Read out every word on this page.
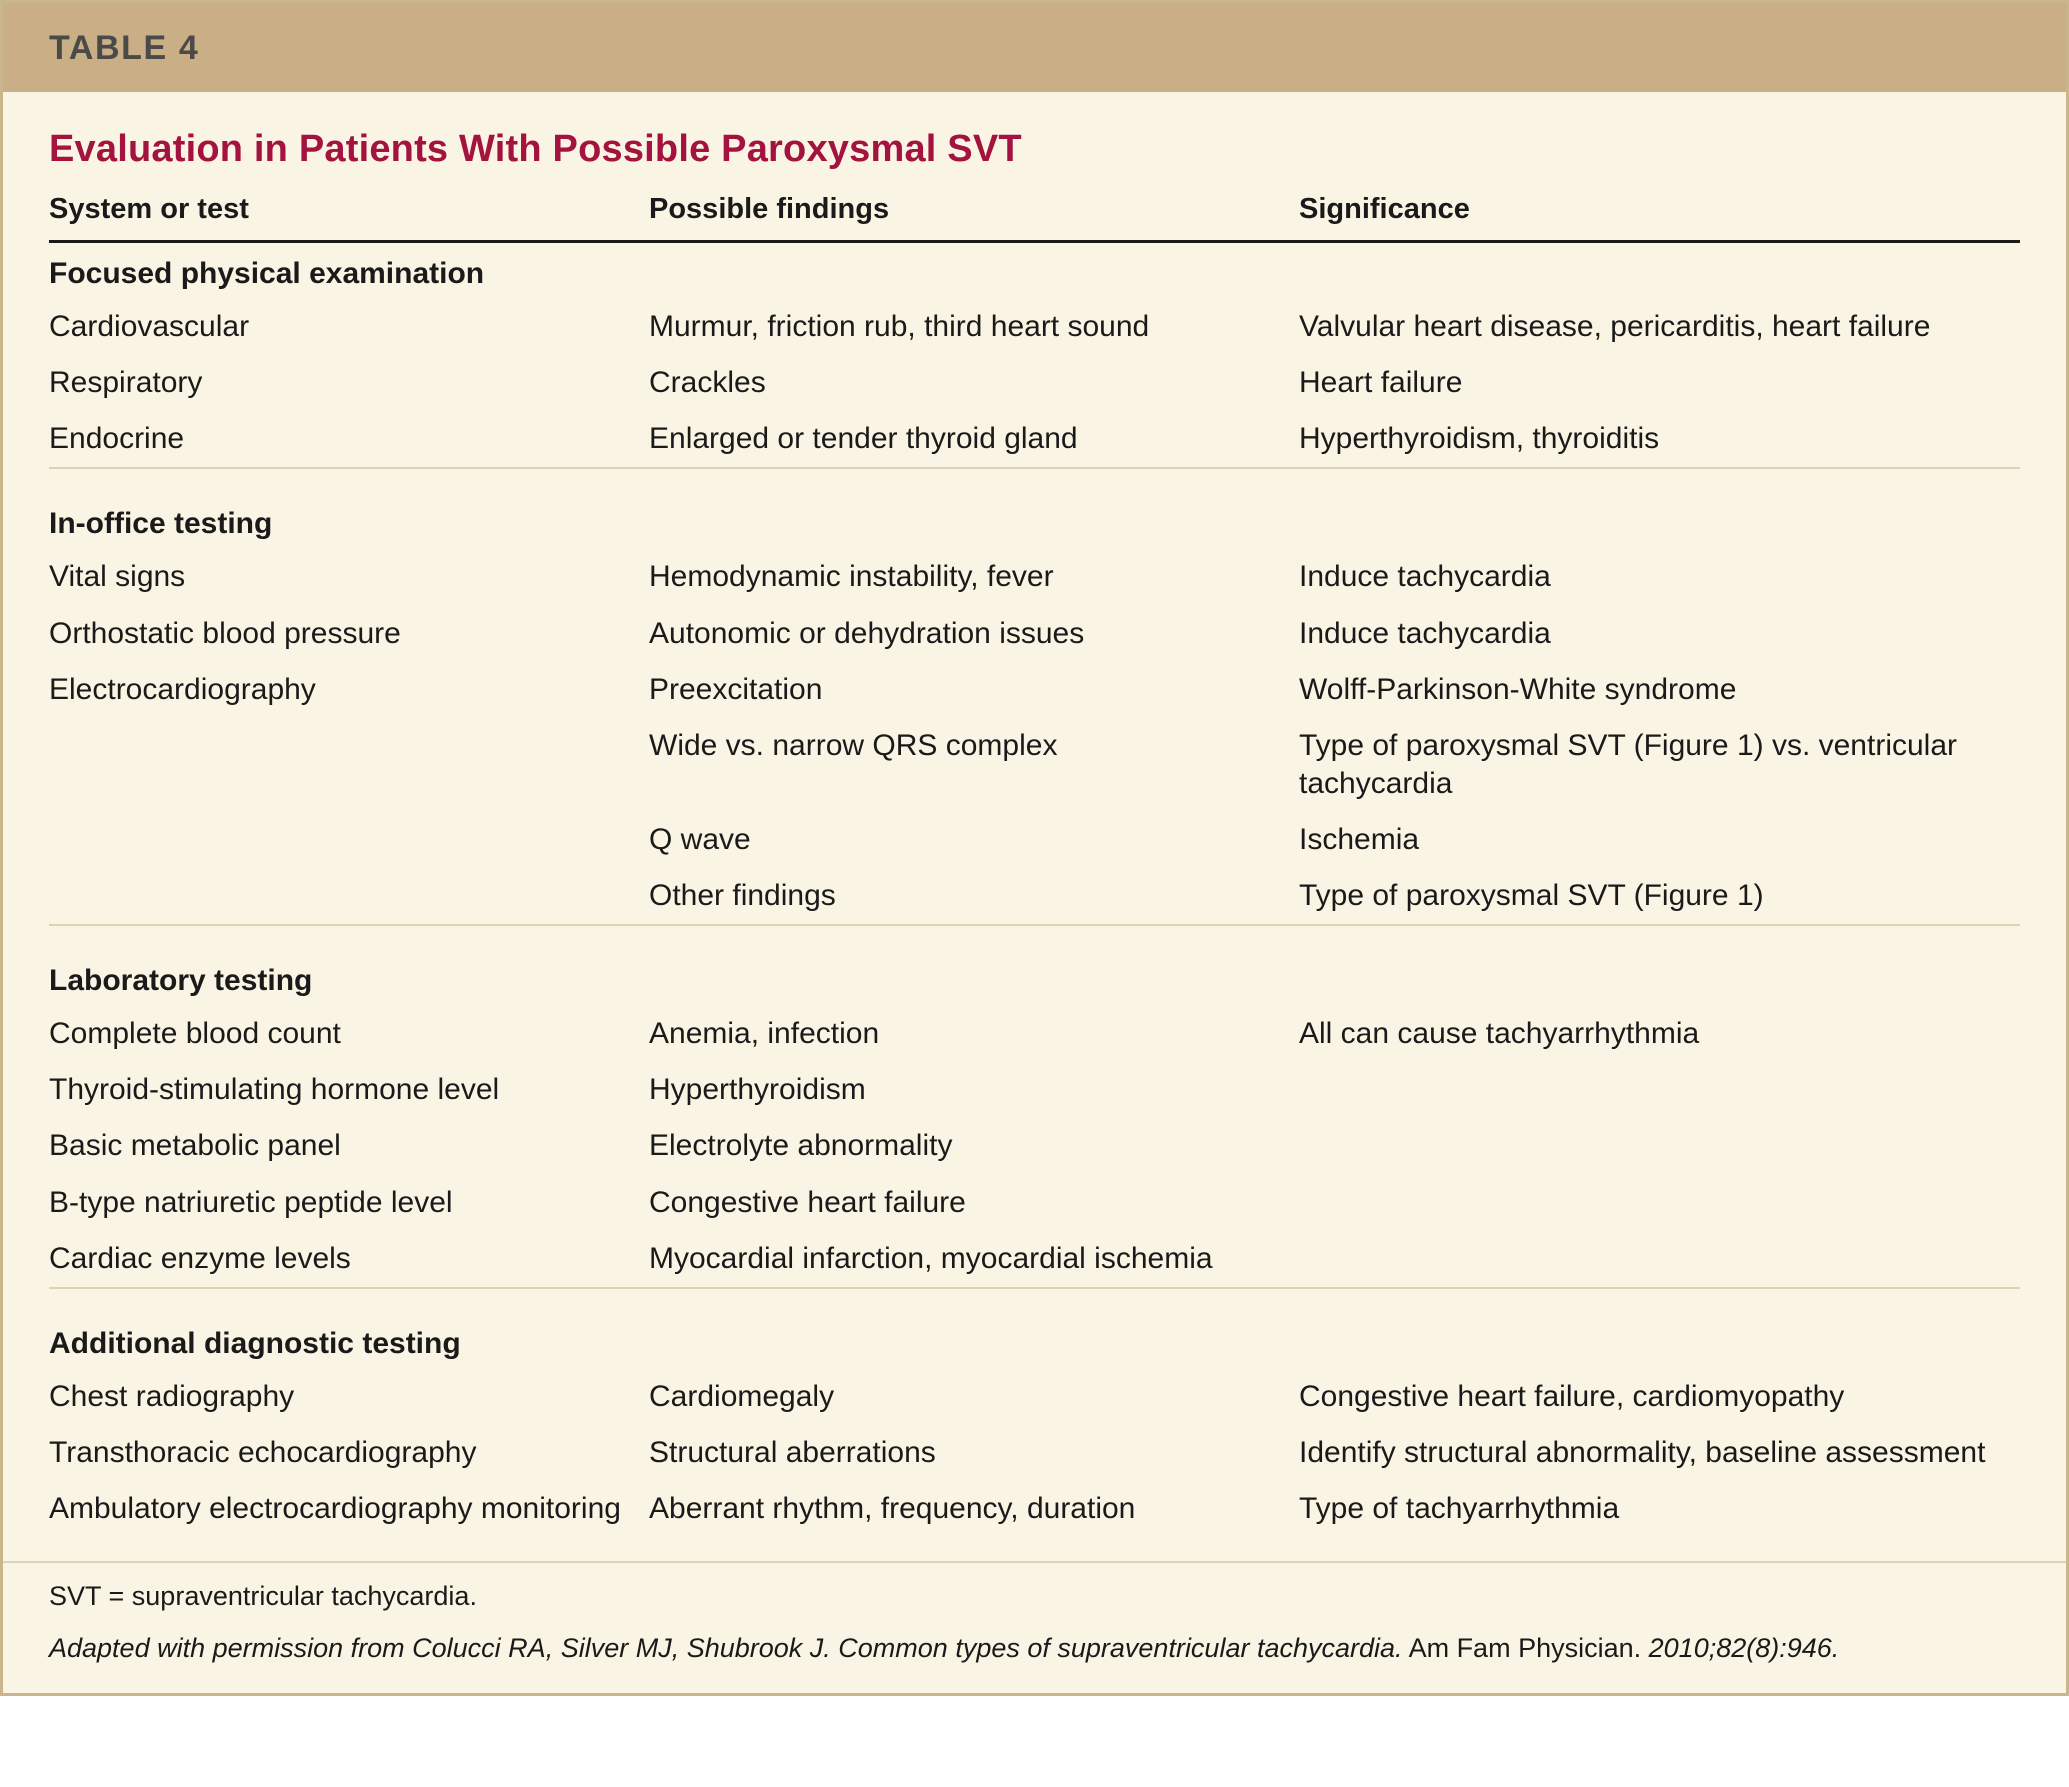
TABLE 4
Evaluation in Patients With Possible Paroxysmal SVT
System or test	Possible findings	Significance
Focused physical examination		
Cardiovascular	Murmur, friction rub, third heart sound	Valvular heart disease, pericarditis, heart failure
Respiratory	Crackles	Heart failure
Endocrine	Enlarged or tender thyroid gland	Hyperthyroidism, thyroiditis

In-office testing		
Vital signs	Hemodynamic instability, fever	Induce tachycardia
Orthostatic blood pressure	Autonomic or dehydration issues	Induce tachycardia
Electrocardiography	Preexcitation	Wolff-Parkinson-White syndrome
	Wide vs. narrow QRS complex	Type of paroxysmal SVT (Figure 1) vs. ventricular tachycardia
	Q wave	Ischemia
	Other findings	Type of paroxysmal SVT (Figure 1)

Laboratory testing		
Complete blood count	Anemia, infection	All can cause tachyarrhythmia
Thyroid-stimulating hormone level	Hyperthyroidism	
Basic metabolic panel	Electrolyte abnormality	
B-type natriuretic peptide level	Congestive heart failure	
Cardiac enzyme levels	Myocardial infarction, myocardial ischemia	

Additional diagnostic testing		
Chest radiography	Cardiomegaly	Congestive heart failure, cardiomyopathy
Transthoracic echocardiography	Structural aberrations	Identify structural abnormality, baseline assessment
Ambulatory electrocardiography monitoring	Aberrant rhythm, frequency, duration	Type of tachyarrhythmia
SVT = supraventricular tachycardia.
Adapted with permission from Colucci RA, Silver MJ, Shubrook J. Common types of supraventricular tachycardia. Am Fam Physician. 2010;82(8):946.
